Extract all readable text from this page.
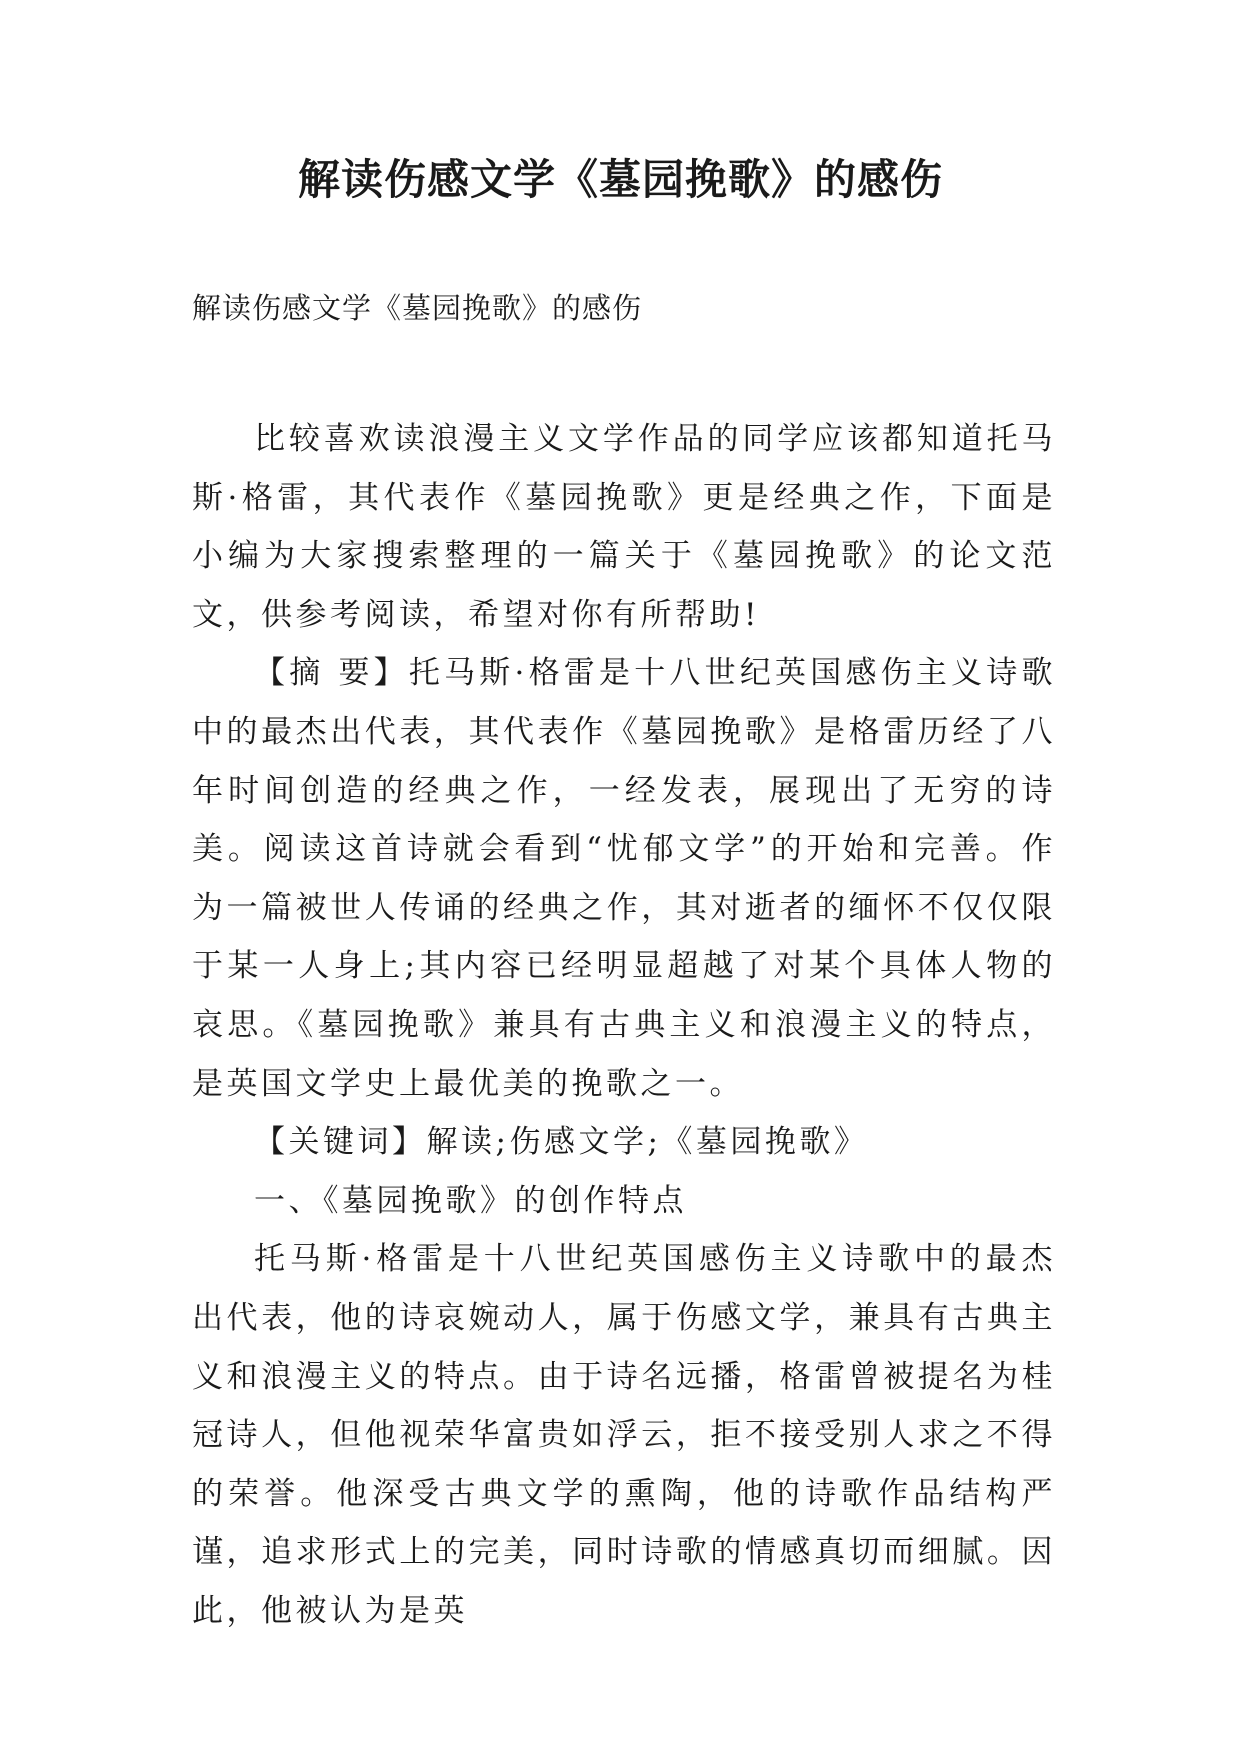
解读伤感文学《墓园挽歌》的感伤

解读伤感文学《墓园挽歌》的感伤

比较喜欢读浪漫主义文学作品的同学应该都知道托马斯·格雷，其代表作《墓园挽歌》更是经典之作，下面是小编为大家搜索整理的一篇关于《墓园挽歌》的论文范文，供参考阅读，希望对你有所帮助!

【摘 要】托马斯·格雷是十八世纪英国感伤主义诗歌中的最杰出代表，其代表作《墓园挽歌》是格雷历经了八年时间创造的经典之作，一经发表，展现出了无穷的诗美。阅读这首诗就会看到“忧郁文学”的开始和完善。作为一篇被世人传诵的经典之作，其对逝者的缅怀不仅仅限于某一人身上;其内容已经明显超越了对某个具体人物的哀思。《墓园挽歌》兼具有古典主义和浪漫主义的特点，是英国文学史上最优美的挽歌之一。

【关键词】解读;伤感文学;《墓园挽歌》

一、《墓园挽歌》的创作特点

托马斯·格雷是十八世纪英国感伤主义诗歌中的最杰出代表，他的诗哀婉动人，属于伤感文学，兼具有古典主义和浪漫主义的特点。由于诗名远播，格雷曾被提名为桂冠诗人，但他视荣华富贵如浮云，拒不接受别人求之不得的荣誉。他深受古典文学的熏陶，他的诗歌作品结构严谨，追求形式上的完美，同时诗歌的情感真切而细腻。因此，他被认为是英
